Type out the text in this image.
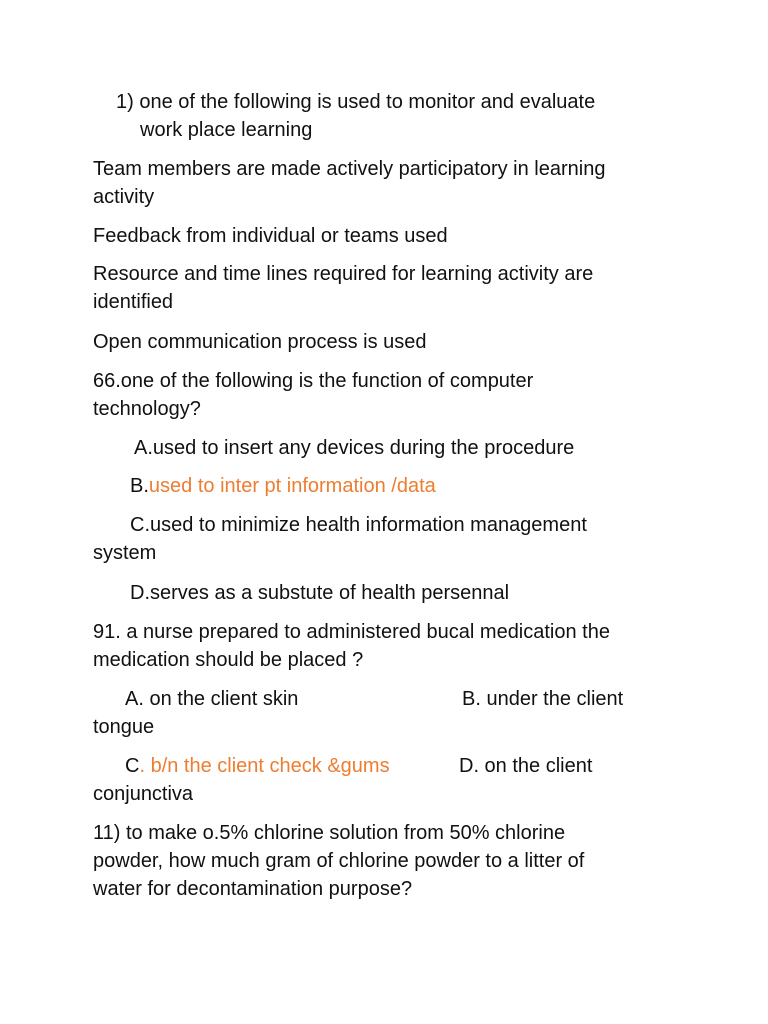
1) one of the following is used to monitor and evaluate
work place learning
Team members are made actively participatory in learning
activity
Feedback from individual or teams used
Resource and time lines required for learning activity are
identified
Open communication process is used
66.one of the following is the function of computer
technology?
A.used to insert any devices during the procedure
B.used to inter pt information /data
C.used to minimize health information management
system
D.serves as a substute of health persennal
91. a nurse prepared to administered bucal medication the
medication should be placed ?
A. on the client skin	B. under the client
tongue
C. b/n the client check &gums	D. on the client
conjunctiva
11) to make o.5% chlorine solution from 50% chlorine
powder, how much gram of chlorine powder to a litter of
water for decontamination purpose?
